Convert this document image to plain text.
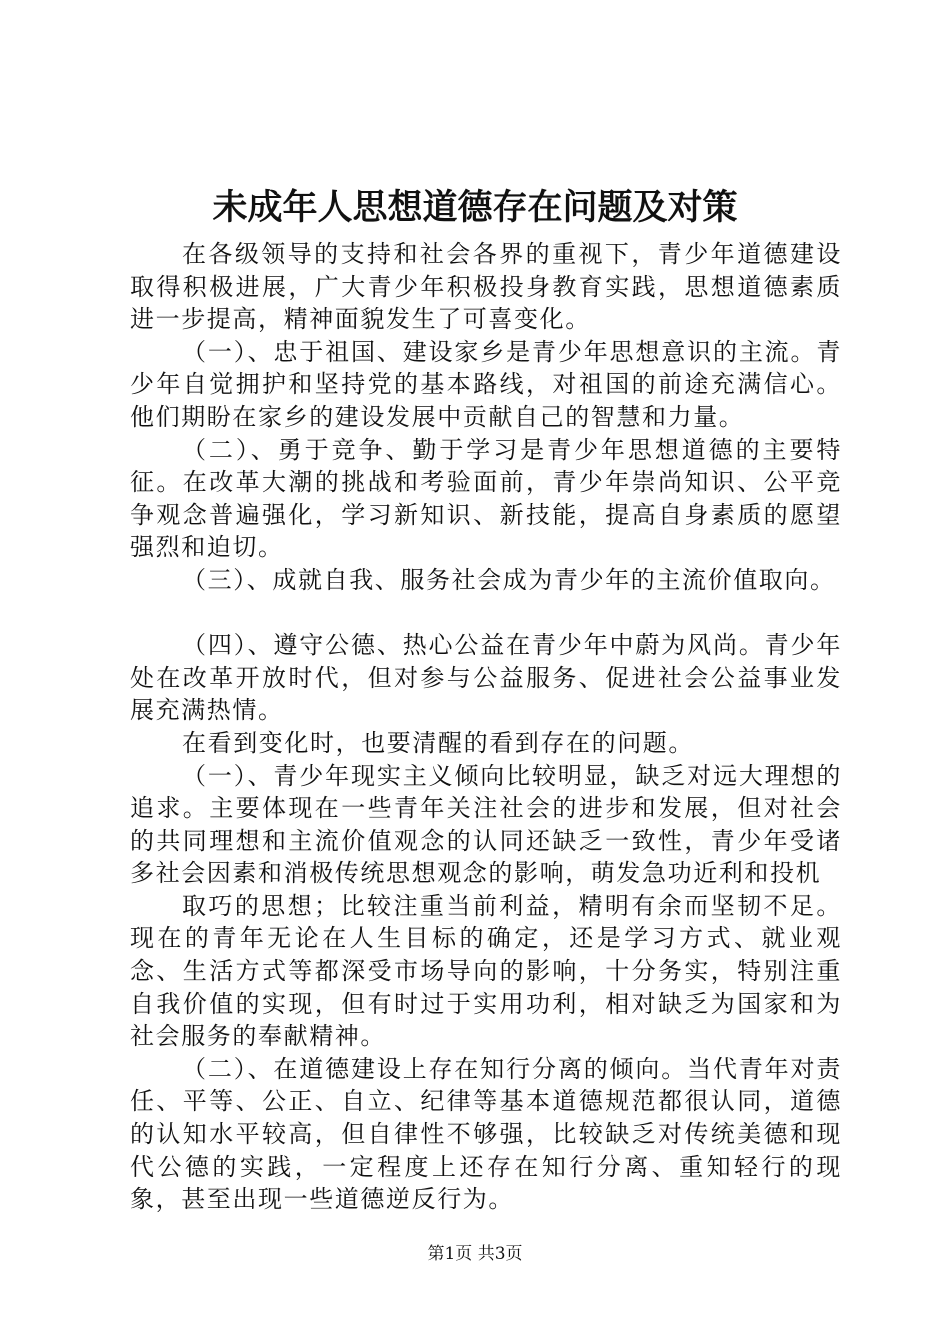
未成年人思想道德存在问题及对策

在各级领导的支持和社会各界的重视下，青少年道德建设取得积极进展，广大青少年积极投身教育实践，思想道德素质进一步提高，精神面貌发生了可喜变化。

（一）、忠于祖国、建设家乡是青少年思想意识的主流。青少年自觉拥护和坚持党的基本路线，对祖国的前途充满信心。他们期盼在家乡的建设发展中贡献自己的智慧和力量。

（二）、勇于竞争、勤于学习是青少年思想道德的主要特征。在改革大潮的挑战和考验面前，青少年崇尚知识、公平竞争观念普遍强化，学习新知识、新技能，提高自身素质的愿望强烈和迫切。

（三）、成就自我、服务社会成为青少年的主流价值取向。

（四）、遵守公德、热心公益在青少年中蔚为风尚。青少年处在改革开放时代，但对参与公益服务、促进社会公益事业发展充满热情。

在看到变化时，也要清醒的看到存在的问题。

（一）、青少年现实主义倾向比较明显，缺乏对远大理想的追求。主要体现在一些青年关注社会的进步和发展，但对社会的共同理想和主流价值观念的认同还缺乏一致性，青少年受诸多社会因素和消极传统思想观念的影响，萌发急功近利和投机

取巧的思想；比较注重当前利益，精明有余而坚韧不足。现在的青年无论在人生目标的确定，还是学习方式、就业观念、生活方式等都深受市场导向的影响，十分务实，特别注重自我价值的实现，但有时过于实用功利，相对缺乏为国家和为社会服务的奉献精神。

（二）、在道德建设上存在知行分离的倾向。当代青年对责任、平等、公正、自立、纪律等基本道德规范都很认同，道德的认知水平较高，但自律性不够强，比较缺乏对传统美德和现代公德的实践，一定程度上还存在知行分离、重知轻行的现象，甚至出现一些道德逆反行为。

第1页 共3页
